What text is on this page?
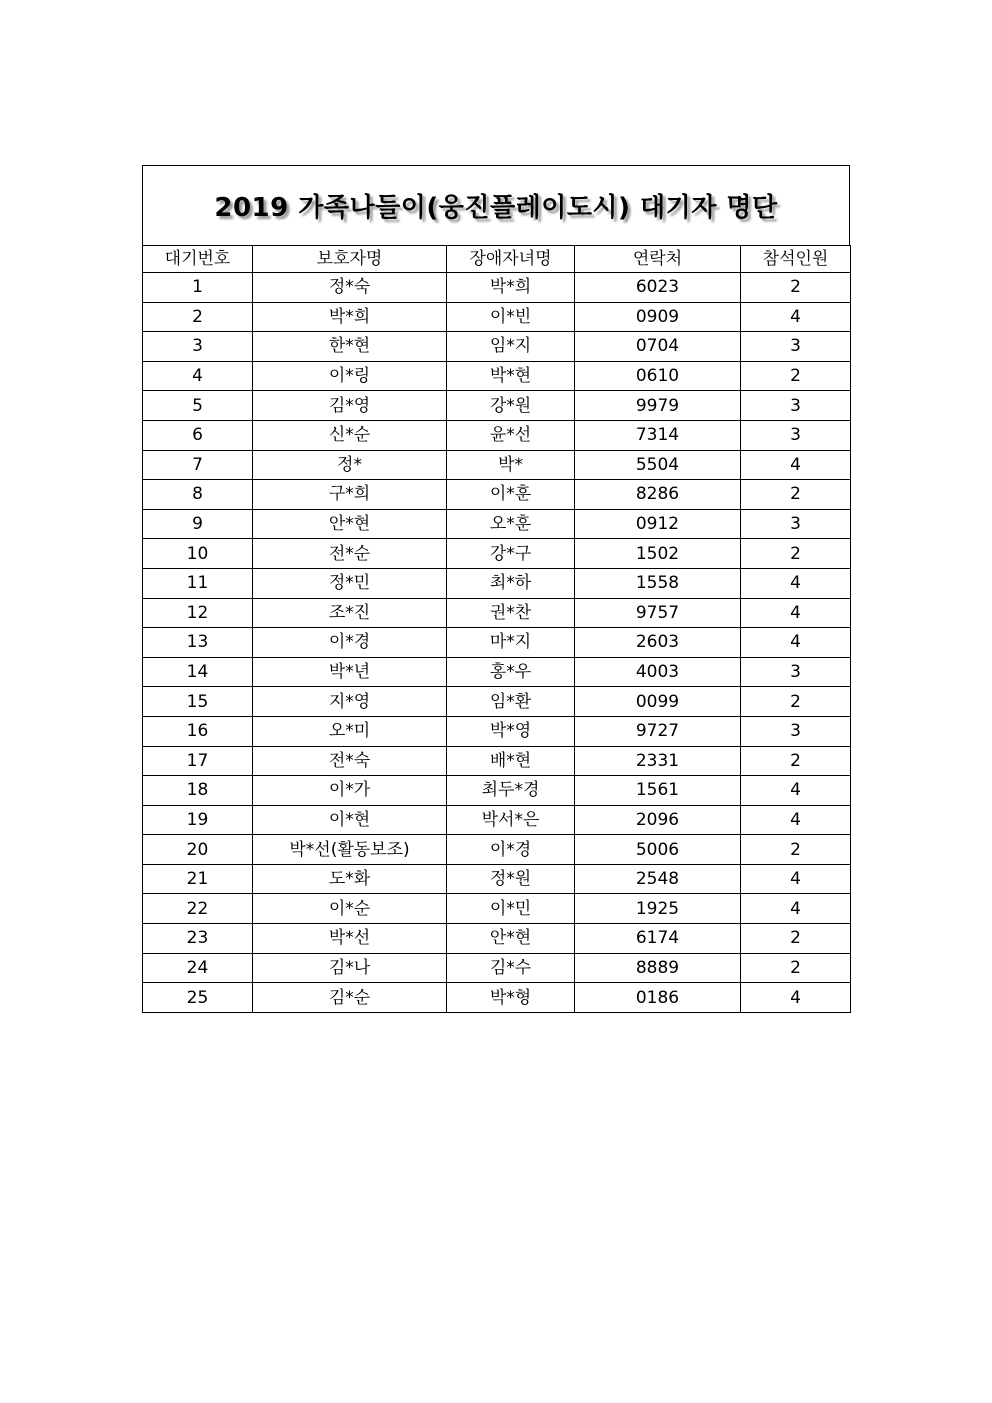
2019 가족나들이(웅진플레이도시) 대기자 명단
대기번호	보호자명	장애자녀명	연락처	참석인원
1	정*숙	박*희	6023	2
2	박*희	이*빈	0909	4
3	한*현	임*지	0704	3
4	이*링	박*현	0610	2
5	김*영	강*원	9979	3
6	신*순	윤*선	7314	3
7	정*	박*	5504	4
8	구*희	이*훈	8286	2
9	안*현	오*훈	0912	3
10	전*순	강*구	1502	2
11	정*민	최*하	1558	4
12	조*진	권*찬	9757	4
13	이*경	마*지	2603	4
14	박*년	홍*우	4003	3
15	지*영	임*환	0099	2
16	오*미	박*영	9727	3
17	전*숙	배*현	2331	2
18	이*가	최두*경	1561	4
19	이*현	박서*은	2096	4
20	박*선(활동보조)	이*경	5006	2
21	도*화	정*원	2548	4
22	이*순	이*민	1925	4
23	박*선	안*현	6174	2
24	김*나	김*수	8889	2
25	김*순	박*형	0186	4
